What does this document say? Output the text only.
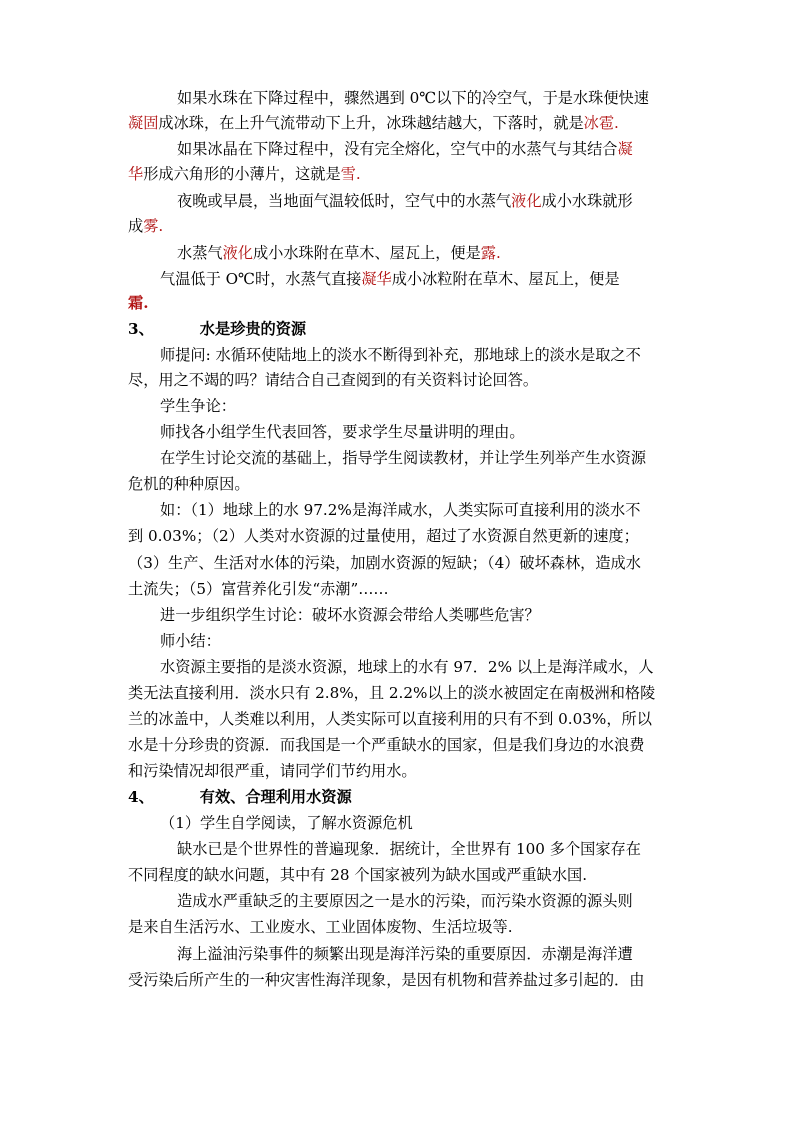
如果水珠在下降过程中，骤然遇到 0℃以下的冷空气，于是水珠便快速
凝固成冰珠，在上升气流带动下上升，冰珠越结越大，下落时，就是冰雹.
如果冰晶在下降过程中，没有完全熔化，空气中的水蒸气与其结合凝
华形成六角形的小薄片，这就是雪.
夜晚或早晨，当地面气温较低时，空气中的水蒸气液化成小水珠就形
成雾.
水蒸气液化成小水珠附在草木、屋瓦上，便是露.
气温低于 O℃时，水蒸气直接凝华成小冰粒附在草木、屋瓦上，便是
霜.
3、	水是珍贵的资源
师提问: 水循环使陆地上的淡水不断得到补充，那地球上的淡水是取之不
尽，用之不竭的吗？请结合自己查阅到的有关资料讨论回答。
学生争论：
师找各小组学生代表回答，要求学生尽量讲明的理由。
在学生讨论交流的基础上，指导学生阅读教材，并让学生列举产生水资源
危机的种种原因。
如：（1）地球上的水 97.2%是海洋咸水，人类实际可直接利用的淡水不
到 0.03%；（2）人类对水资源的过量使用，超过了水资源自然更新的速度；
（3）生产、生活对水体的污染，加剧水资源的短缺；（4）破坏森林，造成水
土流失；（5）富营养化引发“赤潮”……
进一步组织学生讨论：破坏水资源会带给人类哪些危害？
师小结：
水资源主要指的是淡水资源，地球上的水有 97．2% 以上是海洋咸水，人
类无法直接利用．淡水只有 2.8%，且 2.2%以上的淡水被固定在南极洲和格陵
兰的冰盖中，人类难以利用，人类实际可以直接利用的只有不到 0.03%，所以
水是十分珍贵的资源．而我国是一个严重缺水的国家，但是我们身边的水浪费
和污染情况却很严重，请同学们节约用水。
4、	有效、合理利用水资源
（1）学生自学阅读，了解水资源危机
缺水已是个世界性的普遍现象．据统计，全世界有 100 多个国家存在
不同程度的缺水问题，其中有 28 个国家被列为缺水国或严重缺水国.
造成水严重缺乏的主要原因之一是水的污染，而污染水资源的源头则
是来自生活污水、工业废水、工业固体废物、生活垃圾等.
海上溢油污染事件的频繁出现是海洋污染的重要原因．赤潮是海洋遭
受污染后所产生的一种灾害性海洋现象，是因有机物和营养盐过多引起的．由
